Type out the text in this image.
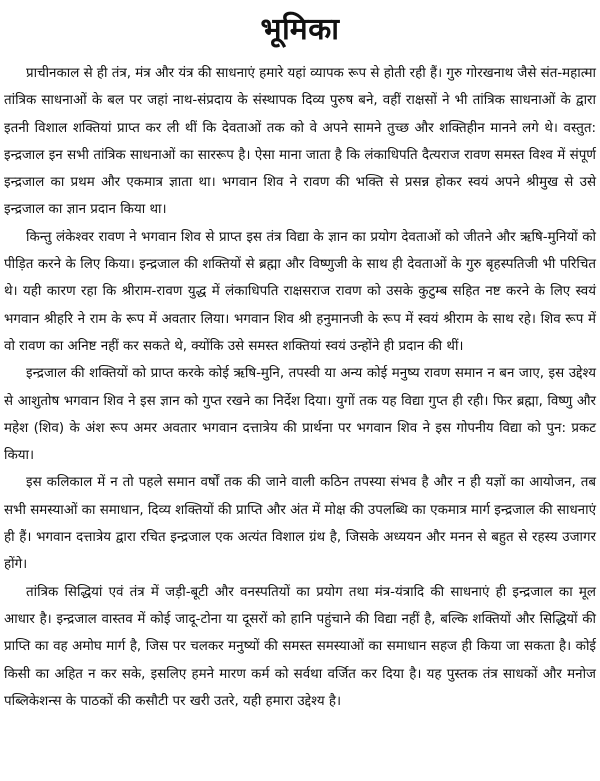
भूमिका

प्राचीनकाल से ही तंत्र, मंत्र और यंत्र की साधनाएं हमारे यहां व्यापक रूप से होती रही हैं। गुरु गोरखनाथ जैसे संत-महात्मा तांत्रिक साधनाओं के बल पर जहां नाथ-संप्रदाय के संस्थापक दिव्य पुरुष बने, वहीं राक्षसों ने भी तांत्रिक साधनाओं के द्वारा इतनी विशाल शक्तियां प्राप्त कर ली थीं कि देवताओं तक को वे अपने सामने तुच्छ और शक्तिहीन मानने लगे थे। वस्तुत: इन्द्रजाल इन सभी तांत्रिक साधनाओं का साररूप है। ऐसा माना जाता है कि लंकाधिपति दैत्यराज रावण समस्त विश्व में संपूर्ण इन्द्रजाल का प्रथम और एकमात्र ज्ञाता था। भगवान शिव ने रावण की भक्ति से प्रसन्न होकर स्वयं अपने श्रीमुख से उसे इन्द्रजाल का ज्ञान प्रदान किया था।

किन्तु लंकेश्वर रावण ने भगवान शिव से प्राप्त इस तंत्र विद्या के ज्ञान का प्रयोग देवताओं को जीतने और ऋषि-मुनियों को पीड़ित करने के लिए किया। इन्द्रजाल की शक्तियों से ब्रह्मा और विष्णुजी के साथ ही देवताओं के गुरु बृहस्पतिजी भी परिचित थे। यही कारण रहा कि श्रीराम-रावण युद्ध में लंकाधिपति राक्षसराज रावण को उसके कुटुम्ब सहित नष्ट करने के लिए स्वयं भगवान श्रीहरि ने राम के रूप में अवतार लिया। भगवान शिव श्री हनुमानजी के रूप में स्वयं श्रीराम के साथ रहे। शिव रूप में वो रावण का अनिष्ट नहीं कर सकते थे, क्योंकि उसे समस्त शक्तियां स्वयं उन्होंने ही प्रदान की थीं।

इन्द्रजाल की शक्तियों को प्राप्त करके कोई ऋषि-मुनि, तपस्वी या अन्य कोई मनुष्य रावण समान न बन जाए, इस उद्देश्य से आशुतोष भगवान शिव ने इस ज्ञान को गुप्त रखने का निर्देश दिया। युगों तक यह विद्या गुप्त ही रही। फिर ब्रह्मा, विष्णु और महेश (शिव) के अंश रूप अमर अवतार भगवान दत्तात्रेय की प्रार्थना पर भगवान शिव ने इस गोपनीय विद्या को पुन: प्रकट किया।

इस कलिकाल में न तो पहले समान वर्षों तक की जाने वाली कठिन तपस्या संभव है और न ही यज्ञों का आयोजन, तब सभी समस्याओं का समाधान, दिव्य शक्तियों की प्राप्ति और अंत में मोक्ष की उपलब्धि का एकमात्र मार्ग इन्द्रजाल की साधनाएं ही हैं। भगवान दत्तात्रेय द्वारा रचित इन्द्रजाल एक अत्यंत विशाल ग्रंथ है, जिसके अध्ययन और मनन से बहुत से रहस्य उजागर होंगे।

तांत्रिक सिद्धियां एवं तंत्र में जड़ी-बूटी और वनस्पतियों का प्रयोग तथा मंत्र-यंत्रादि की साधनाएं ही इन्द्रजाल का मूल आधार है। इन्द्रजाल वास्तव में कोई जादू-टोना या दूसरों को हानि पहुंचाने की विद्या नहीं है, बल्कि शक्तियों और सिद्धियों की प्राप्ति का वह अमोघ मार्ग है, जिस पर चलकर मनुष्यों की समस्त समस्याओं का समाधान सहज ही किया जा सकता है। कोई किसी का अहित न कर सके, इसलिए हमने मारण कर्म को सर्वथा वर्जित कर दिया है। यह पुस्तक तंत्र साधकों और मनोज पब्लिकेशन्स के पाठकों की कसौटी पर खरी उतरे, यही हमारा उद्देश्य है।
